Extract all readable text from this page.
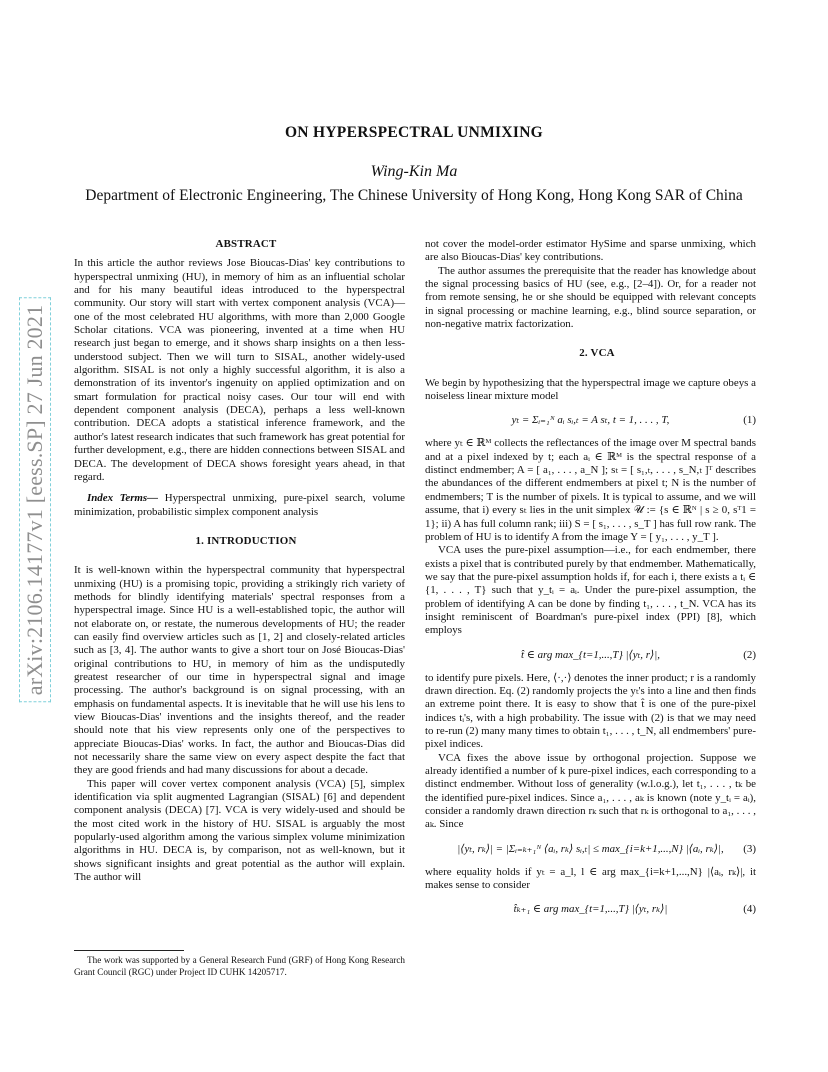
arXiv:2106.14177v1 [eess.SP] 27 Jun 2021
ON HYPERSPECTRAL UNMIXING
Wing-Kin Ma
Department of Electronic Engineering, The Chinese University of Hong Kong, Hong Kong SAR of China

ABSTRACT

In this article the author reviews Jose Bioucas-Dias' key contributions to hyperspectral unmixing (HU), in memory of him as an influential scholar and for his many beautiful ideas introduced to the hyperspectral community. Our story will start with vertex component analysis (VCA)—one of the most celebrated HU algorithms, with more than 2,000 Google Scholar citations. VCA was pioneering, invented at a time when HU research just began to emerge, and it shows sharp insights on a then less-understood subject. Then we will turn to SISAL, another widely-used algorithm. SISAL is not only a highly successful algorithm, it is also a demonstration of its inventor's ingenuity on applied optimization and on smart formulation for practical noisy cases. Our tour will end with dependent component analysis (DECA), perhaps a less well-known contribution. DECA adopts a statistical inference framework, and the author's latest research indicates that such framework has great potential for further development, e.g., there are hidden connections between SISAL and DECA. The development of DECA shows foresight years ahead, in that regard.

Index Terms— Hyperspectral unmixing, pure-pixel search, volume minimization, probabilistic simplex component analysis

1. INTRODUCTION

It is well-known within the hyperspectral community that hyperspectral unmixing (HU) is a promising topic, providing a strikingly rich variety of methods for blindly identifying materials' spectral responses from a hyperspectral image. Since HU is a well-established topic, the author will not elaborate on, or restate, the numerous developments of HU; the reader can easily find overview articles such as [1, 2] and closely-related articles such as [3, 4]. The author wants to give a short tour on José Bioucas-Dias' original contributions to HU, in memory of him as the undisputedly greatest researcher of our time in hyperspectral signal and image processing. The author's background is on signal processing, with an emphasis on fundamental aspects. It is inevitable that he will use his lens to view Bioucas-Dias' inventions and the insights thereof, and the reader should note that his view represents only one of the perspectives to appreciate Bioucas-Dias' works. In fact, the author and Bioucas-Dias did not necessarily share the same view on every aspect despite the fact that they are good friends and had many discussions for about a decade.

This paper will cover vertex component analysis (VCA) [5], simplex identification via split augmented Lagrangian (SISAL) [6] and dependent component analysis (DECA) [7]. VCA is very widely-used and should be the most cited work in the history of HU. SISAL is arguably the most popularly-used algorithm among the various simplex volume minimization algorithms in HU. DECA is, by comparison, not as well-known, but it shows significant insights and great potential as the author will explain. The author will

The work was supported by a General Research Fund (GRF) of Hong Kong Research Grant Council (RGC) under Project ID CUHK 14205717.

not cover the model-order estimator HySime and sparse unmixing, which are also Bioucas-Dias' key contributions.

The author assumes the prerequisite that the reader has knowledge about the signal processing basics of HU (see, e.g., [2–4]). Or, for a reader not from remote sensing, he or she should be equipped with relevant concepts in signal processing or machine learning, e.g., blind source separation, or non-negative matrix factorization.

2. VCA

We begin by hypothesizing that the hyperspectral image we capture obeys a noiseless linear mixture model

yₜ = Σᵢ₌₁ᴺ aᵢ sᵢ,ₜ = A sₜ, t = 1, . . . , T,	(1)

where yₜ ∈ ℝᴹ collects the reflectances of the image over M spectral bands and at a pixel indexed by t; each aᵢ ∈ ℝᴹ is the spectral response of a distinct endmember; A = [ a₁, . . . , a_N ]; sₜ = [ s₁,ₜ, . . . , s_N,ₜ ]ᵀ describes the abundances of the different endmembers at pixel t; N is the number of endmembers; T is the number of pixels. It is typical to assume, and we will assume, that i) every sₜ lies in the unit simplex 𝒰 := {s ∈ ℝᴺ | s ≥ 0, sᵀ1 = 1}; ii) A has full column rank; iii) S = [ s₁, . . . , s_T ] has full row rank. The problem of HU is to identify A from the image Y = [ y₁, . . . , y_T ].

VCA uses the pure-pixel assumption—i.e., for each endmember, there exists a pixel that is contributed purely by that endmember. Mathematically, we say that the pure-pixel assumption holds if, for each i, there exists a tᵢ ∈ {1, . . . , T} such that y_tᵢ = aᵢ. Under the pure-pixel assumption, the problem of identifying A can be done by finding t₁, . . . , t_N. VCA has its insight reminiscent of Boardman's pure-pixel index (PPI) [8], which employs

t̂ ∈ arg max_{t=1,...,T} |⟨yₜ, r⟩|,	(2)

to identify pure pixels. Here, ⟨·,·⟩ denotes the inner product; r is a randomly drawn direction. Eq. (2) randomly projects the yₜ's into a line and then finds an extreme point there. It is easy to show that t̂ is one of the pure-pixel indices tᵢ's, with a high probability. The issue with (2) is that we may need to re-run (2) many many times to obtain t₁, . . . , t_N, all endmembers' pure-pixel indices.

VCA fixes the above issue by orthogonal projection. Suppose we already identified a number of k pure-pixel indices, each corresponding to a distinct endmember. Without loss of generality (w.l.o.g.), let t₁, . . . , tₖ be the identified pure-pixel indices. Since a₁, . . . , aₖ is known (note y_tᵢ = aᵢ), consider a randomly drawn direction rₖ such that rₖ is orthogonal to a₁, . . . , aₖ. Since

|⟨yₜ, rₖ⟩| = |Σᵢ₌ₖ₊₁ᴺ ⟨aᵢ, rₖ⟩ sᵢ,ₜ| ≤ max_{i=k+1,...,N} |⟨aᵢ, rₖ⟩|, (3)

where equality holds if yₜ = a_l, l ∈ arg max_{i=k+1,...,N} |⟨aᵢ, rₖ⟩|, it makes sense to consider

t̂ₖ₊₁ ∈ arg max_{t=1,...,T} |⟨yₜ, rₖ⟩|	(4)
